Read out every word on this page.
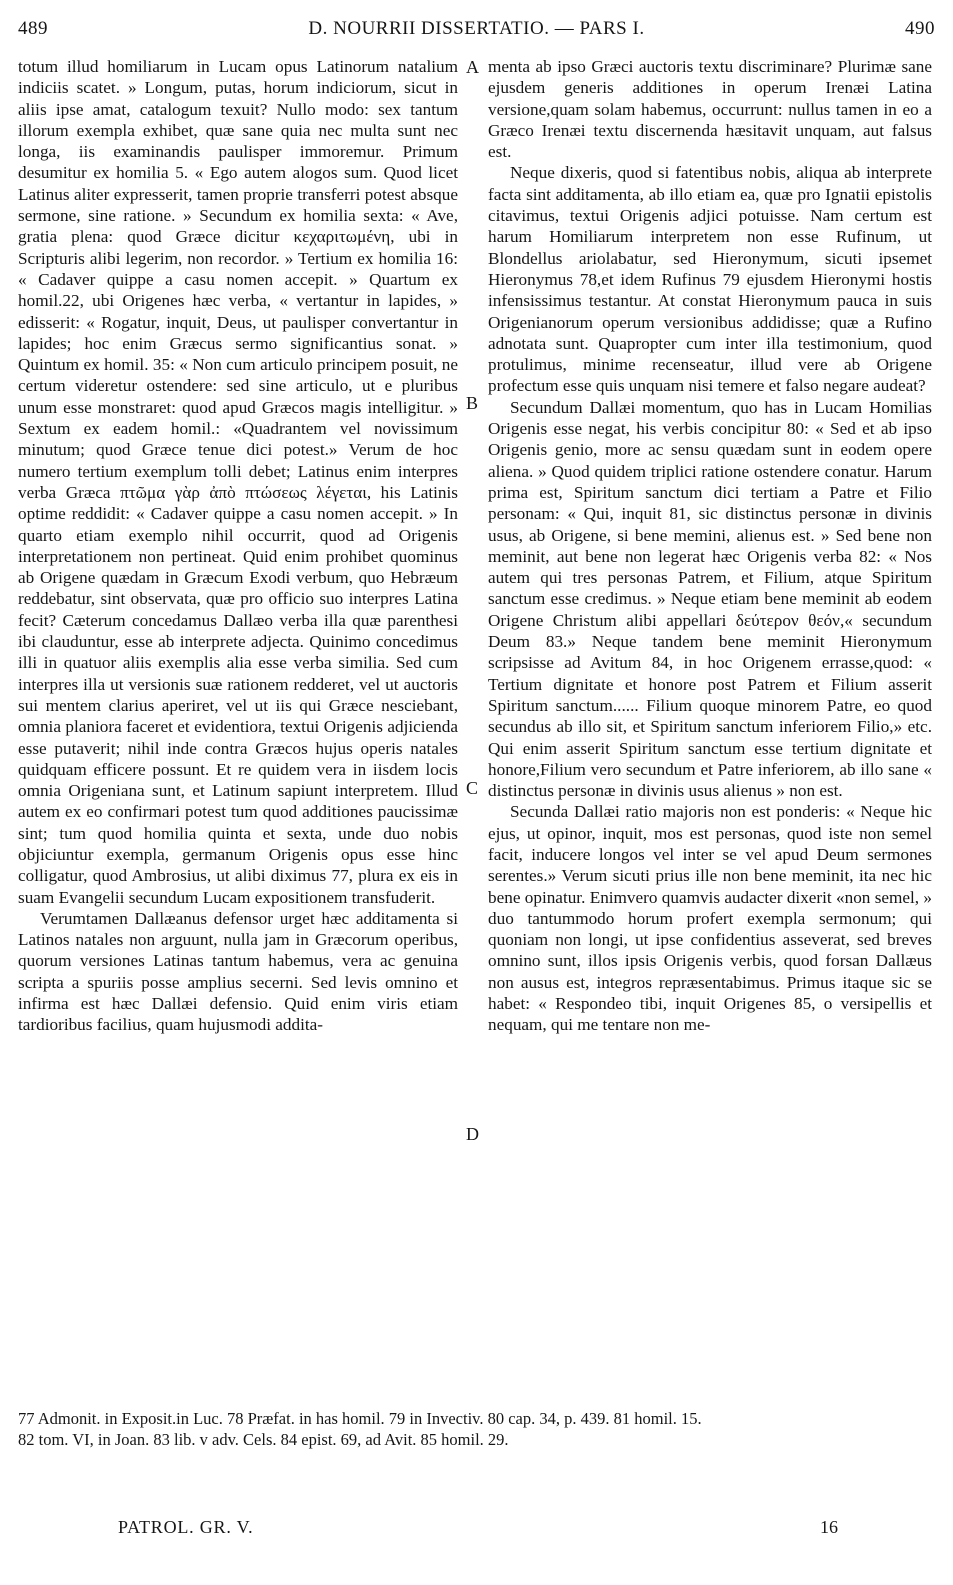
489	D. NOURRII DISSERTATIO. — PARS I.	490

totum illud homiliarum in Lucam opus Latinorum natalium indiciis scatet. » Longum, putas, horum indiciorum, sicut in aliis ipse amat, catalogum texuit? Nullo modo: sex tantum illorum exempla exhibet, quæ sane quia nec multa sunt nec longa, iis examinandis paulisper immoremur. Primum desumitur ex homilia 5. « Ego autem alogos sum. Quod licet Latinus aliter expresserit, tamen proprie transferri potest absque sermone, sine ratione. » Secundum ex homilia sexta: « Ave, gratia plena: quod Græce dicitur κεχαριτωμένη, ubi in Scripturis alibi legerim, non recordor. » Tertium ex homilia 16: « Cadaver quippe a casu nomen accepit. » Quartum ex homil.22, ubi Origenes hæc verba, « vertantur in lapides, » edisserit: « Rogatur, inquit, Deus, ut paulisper convertantur in lapides; hoc enim Græcus sermo significantius sonat. » Quintum ex homil. 35: « Non cum articulo principem posuit, ne certum videretur ostendere: sed sine articulo, ut e pluribus unum esse monstraret: quod apud Græcos magis intelligitur. » Sextum ex eadem homil.: «Quadrantem vel novissimum minutum; quod Græce tenue dici potest.» Verum de hoc numero tertium exemplum tolli debet; Latinus enim interpres verba Græca πτῶμα γὰρ ἀπὸ πτώσεως λέγεται, his Latinis optime reddidit: « Cadaver quippe a casu nomen accepit. » In quarto etiam exemplo nihil occurrit, quod ad Origenis interpretationem non pertineat. Quid enim prohibet quominus ab Origene quædam in Græcum Exodi verbum, quo Hebræum reddebatur, sint observata, quæ pro officio suo interpres Latina fecit? Cæterum concedamus Dallæo verba illa quæ parenthesi ibi clauduntur, esse ab interprete adjecta. Quinimo concedimus illi in quatuor aliis exemplis alia esse verba similia. Sed cum interpres illa ut versionis suæ rationem redderet, vel ut auctoris sui mentem clarius aperiret, vel ut iis qui Græce nesciebant, omnia planiora faceret et evidentiora, textui Origenis adjicienda esse putaverit; nihil inde contra Græcos hujus operis natales quidquam efficere possunt. Et re quidem vera in iisdem locis omnia Origeniana sunt, et Latinum sapiunt interpretem. Illud autem ex eo confirmari potest tum quod additiones paucissimæ sint; tum quod homilia quinta et sexta, unde duo nobis objiciuntur exempla, germanum Origenis opus esse hinc colligatur, quod Ambrosius, ut alibi diximus 77, plura ex eis in suam Evangelii secundum Lucam expositionem transfuderit.

Verumtamen Dallæanus defensor urget hæc additamenta si Latinos natales non arguunt, nulla jam in Græcorum operibus, quorum versiones Latinas tantum habemus, vera ac genuina scripta a spuriis posse amplius secerni. Sed levis omnino et infirma est hæc Dallæi defensio. Quid enim viris etiam tardioribus facilius, quam hujusmodi addita-

A
B
C
D

menta ab ipso Græci auctoris textu discriminare? Plurimæ sane ejusdem generis additiones in operum Irenæi Latina versione,quam solam habemus, occurrunt: nullus tamen in eo a Græco Irenæi textu discernenda hæsitavit unquam, aut falsus est.

Neque dixeris, quod si fatentibus nobis, aliqua ab interprete facta sint additamenta, ab illo etiam ea, quæ pro Ignatii epistolis citavimus, textui Origenis adjici potuisse. Nam certum est harum Homiliarum interpretem non esse Rufinum, ut Blondellus ariolabatur, sed Hieronymum, sicuti ipsemet Hieronymus 78,et idem Rufinus 79 ejusdem Hieronymi hostis infensissimus testantur. At constat Hieronymum pauca in suis Origenianorum operum versionibus addidisse; quæ a Rufino adnotata sunt. Quapropter cum inter illa testimonium, quod protulimus, minime recenseatur, illud vere ab Origene profectum esse quis unquam nisi temere et falso negare audeat?

Secundum Dallæi momentum, quo has in Lucam Homilias Origenis esse negat, his verbis concipitur 80: « Sed et ab ipso Origenis genio, more ac sensu quædam sunt in eodem opere aliena. » Quod quidem triplici ratione ostendere conatur. Harum prima est, Spiritum sanctum dici tertiam a Patre et Filio personam: « Qui, inquit 81, sic distinctus personæ in divinis usus, ab Origene, si bene memini, alienus est. » Sed bene non meminit, aut bene non legerat hæc Origenis verba 82: « Nos autem qui tres personas Patrem, et Filium, atque Spiritum sanctum esse credimus. » Neque etiam bene meminit ab eodem Origene Christum alibi appellari δεύτερον θεόν,« secundum Deum 83.» Neque tandem bene meminit Hieronymum scripsisse ad Avitum 84, in hoc Origenem errasse,quod: « Tertium dignitate et honore post Patrem et Filium asserit Spiritum sanctum...... Filium quoque minorem Patre, eo quod secundus ab illo sit, et Spiritum sanctum inferiorem Filio,» etc. Qui enim asserit Spiritum sanctum esse tertium dignitate et honore,Filium vero secundum et Patre inferiorem, ab illo sane « distinctus personæ in divinis usus alienus » non est.

Secunda Dallæi ratio majoris non est ponderis: « Neque hic ejus, ut opinor, inquit, mos est personas, quod iste non semel facit, inducere longos vel inter se vel apud Deum sermones serentes.» Verum sicuti prius ille non bene meminit, ita nec hic bene opinatur. Enimvero quamvis audacter dixerit «non semel, » duo tantummodo horum profert exempla sermonum; qui quoniam non longi, ut ipse confidentius asseverat, sed breves omnino sunt, illos ipsis Origenis verbis, quod forsan Dallæus non ausus est, integros repræsentabimus. Primus itaque sic se habet: « Respondeo tibi, inquit Origenes 85, o versipellis et nequam, qui me tentare non me-

77 Admonit. in Exposit.in Luc. 78 Præfat. in has homil. 79 in Invectiv. 80 cap. 34, p. 439. 81 homil. 15.
82 tom. VI, in Joan. 83 lib. v adv. Cels. 84 epist. 69, ad Avit. 85 homil. 29.
PATROL. GR. V.	16
